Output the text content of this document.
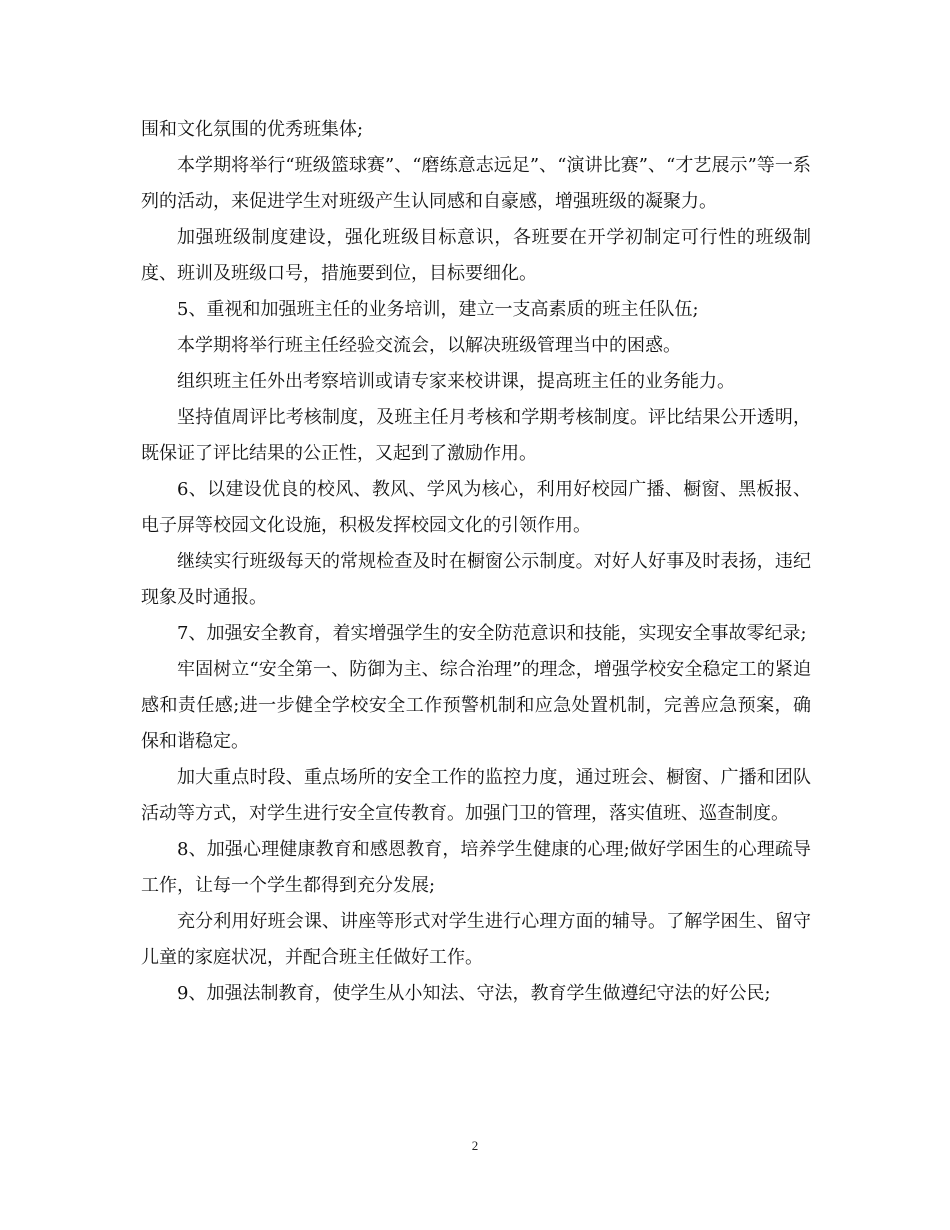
围和文化氛围的优秀班集体;

本学期将举行“班级篮球赛”、“磨练意志远足”、“演讲比赛”、“才艺展示”等一系列的活动，来促进学生对班级产生认同感和自豪感，增强班级的凝聚力。

加强班级制度建设，强化班级目标意识，各班要在开学初制定可行性的班级制度、班训及班级口号，措施要到位，目标要细化。

5、重视和加强班主任的业务培训，建立一支高素质的班主任队伍;

本学期将举行班主任经验交流会，以解决班级管理当中的困惑。

组织班主任外出考察培训或请专家来校讲课，提高班主任的业务能力。

坚持值周评比考核制度，及班主任月考核和学期考核制度。评比结果公开透明，既保证了评比结果的公正性，又起到了激励作用。

6、以建设优良的校风、教风、学风为核心，利用好校园广播、橱窗、黑板报、电子屏等校园文化设施，积极发挥校园文化的引领作用。

继续实行班级每天的常规检查及时在橱窗公示制度。对好人好事及时表扬，违纪现象及时通报。

7、加强安全教育，着实增强学生的安全防范意识和技能，实现安全事故零纪录;

牢固树立“安全第一、防御为主、综合治理”的理念，增强学校安全稳定工的紧迫感和责任感;进一步健全学校安全工作预警机制和应急处置机制，完善应急预案，确保和谐稳定。

加大重点时段、重点场所的安全工作的监控力度，通过班会、橱窗、广播和团队活动等方式，对学生进行安全宣传教育。加强门卫的管理，落实值班、巡查制度。

8、加强心理健康教育和感恩教育，培养学生健康的心理;做好学困生的心理疏导工作，让每一个学生都得到充分发展;

充分利用好班会课、讲座等形式对学生进行心理方面的辅导。了解学困生、留守儿童的家庭状况，并配合班主任做好工作。

9、加强法制教育，使学生从小知法、守法，教育学生做遵纪守法的好公民;

2
